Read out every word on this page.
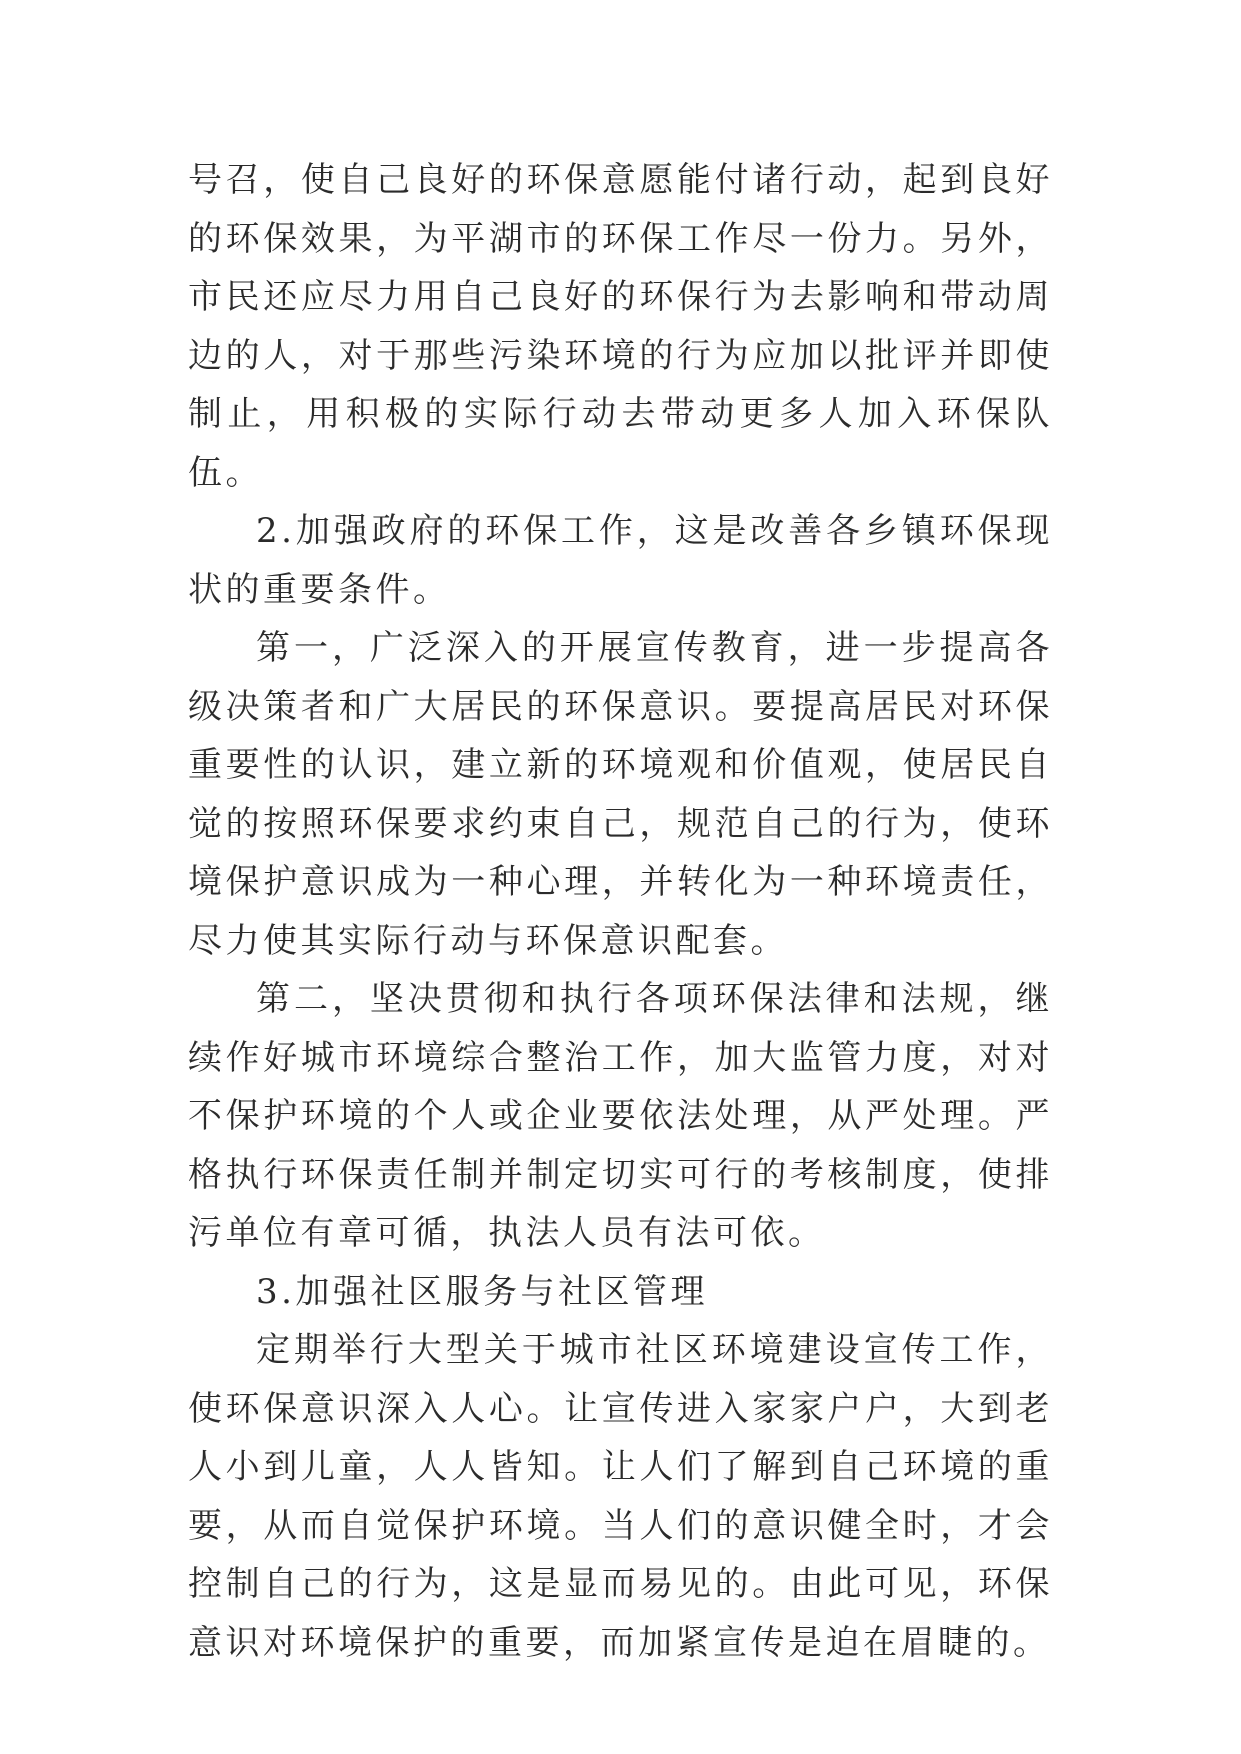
号召，使自己良好的环保意愿能付诸行动，起到良好的环保效果，为平湖市的环保工作尽一份力。另外，市民还应尽力用自己良好的环保行为去影响和带动周边的人，对于那些污染环境的行为应加以批评并即使制止，用积极的实际行动去带动更多人加入环保队伍。

2.加强政府的环保工作，这是改善各乡镇环保现状的重要条件。

第一，广泛深入的开展宣传教育，进一步提高各级决策者和广大居民的环保意识。要提高居民对环保重要性的认识，建立新的环境观和价值观，使居民自觉的按照环保要求约束自己，规范自己的行为，使环境保护意识成为一种心理，并转化为一种环境责任，尽力使其实际行动与环保意识配套。

第二，坚决贯彻和执行各项环保法律和法规，继续作好城市环境综合整治工作，加大监管力度，对对不保护环境的个人或企业要依法处理，从严处理。严格执行环保责任制并制定切实可行的考核制度，使排污单位有章可循，执法人员有法可依。

3.加强社区服务与社区管理

定期举行大型关于城市社区环境建设宣传工作，使环保意识深入人心。让宣传进入家家户户，大到老人小到儿童，人人皆知。让人们了解到自己环境的重要，从而自觉保护环境。当人们的意识健全时，才会控制自己的行为，这是显而易见的。由此可见，环保意识对环境保护的重要，而加紧宣传是迫在眉睫的。
